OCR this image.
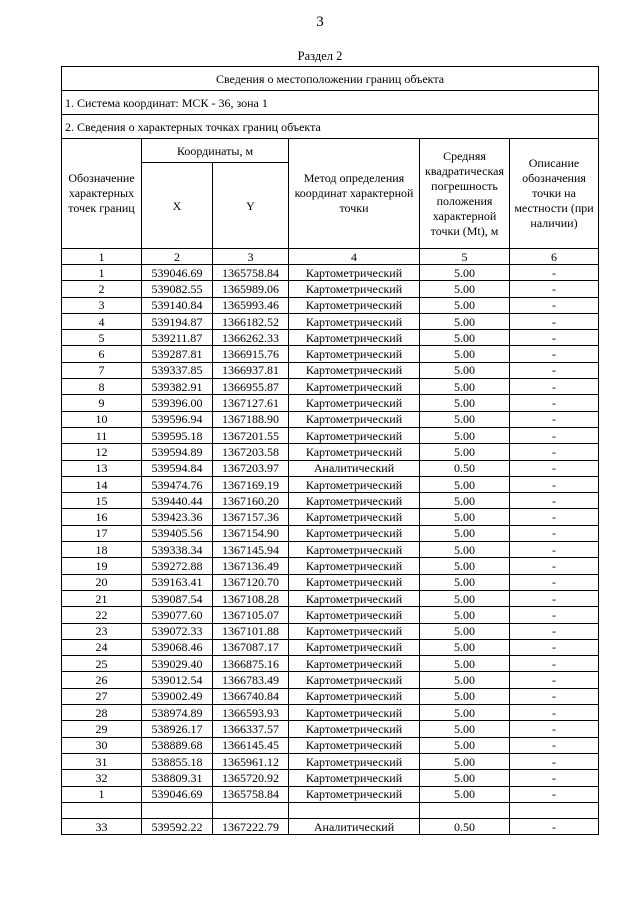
3
Раздел 2
Сведения о местоположении границ объекта					
1. Система координат: МСК - 36, зона 1					
2. Сведения о характерных точках границ объекта					
Обозначение характерных точек границ	Координаты, м		Метод определения координат характерной точки	Средняя квадратическая погрешность положения характерной точки (Mt), м	Описание обозначения точки на местности (при наличии)
	X	Y			
1	2	3	4	5	6
1	539046.69	1365758.84	Картометрический	5.00	-
2	539082.55	1365989.06	Картометрический	5.00	-
3	539140.84	1365993.46	Картометрический	5.00	-
4	539194.87	1366182.52	Картометрический	5.00	-
5	539211.87	1366262.33	Картометрический	5.00	-
6	539287.81	1366915.76	Картометрический	5.00	-
7	539337.85	1366937.81	Картометрический	5.00	-
8	539382.91	1366955.87	Картометрический	5.00	-
9	539396.00	1367127.61	Картометрический	5.00	-
10	539596.94	1367188.90	Картометрический	5.00	-
11	539595.18	1367201.55	Картометрический	5.00	-
12	539594.89	1367203.58	Картометрический	5.00	-
13	539594.84	1367203.97	Аналитический	0.50	-
14	539474.76	1367169.19	Картометрический	5.00	-
15	539440.44	1367160.20	Картометрический	5.00	-
16	539423.36	1367157.36	Картометрический	5.00	-
17	539405.56	1367154.90	Картометрический	5.00	-
18	539338.34	1367145.94	Картометрический	5.00	-
19	539272.88	1367136.49	Картометрический	5.00	-
20	539163.41	1367120.70	Картометрический	5.00	-
21	539087.54	1367108.28	Картометрический	5.00	-
22	539077.60	1367105.07	Картометрический	5.00	-
23	539072.33	1367101.88	Картометрический	5.00	-
24	539068.46	1367087.17	Картометрический	5.00	-
25	539029.40	1366875.16	Картометрический	5.00	-
26	539012.54	1366783.49	Картометрический	5.00	-
27	539002.49	1366740.84	Картометрический	5.00	-
28	538974.89	1366593.93	Картометрический	5.00	-
29	538926.17	1366337.57	Картометрический	5.00	-
30	538889.68	1366145.45	Картометрический	5.00	-
31	538855.18	1365961.12	Картометрический	5.00	-
32	538809.31	1365720.92	Картометрический	5.00	-
1	539046.69	1365758.84	Картометрический	5.00	-

33	539592.22	1367222.79	Аналитический	0.50	-
